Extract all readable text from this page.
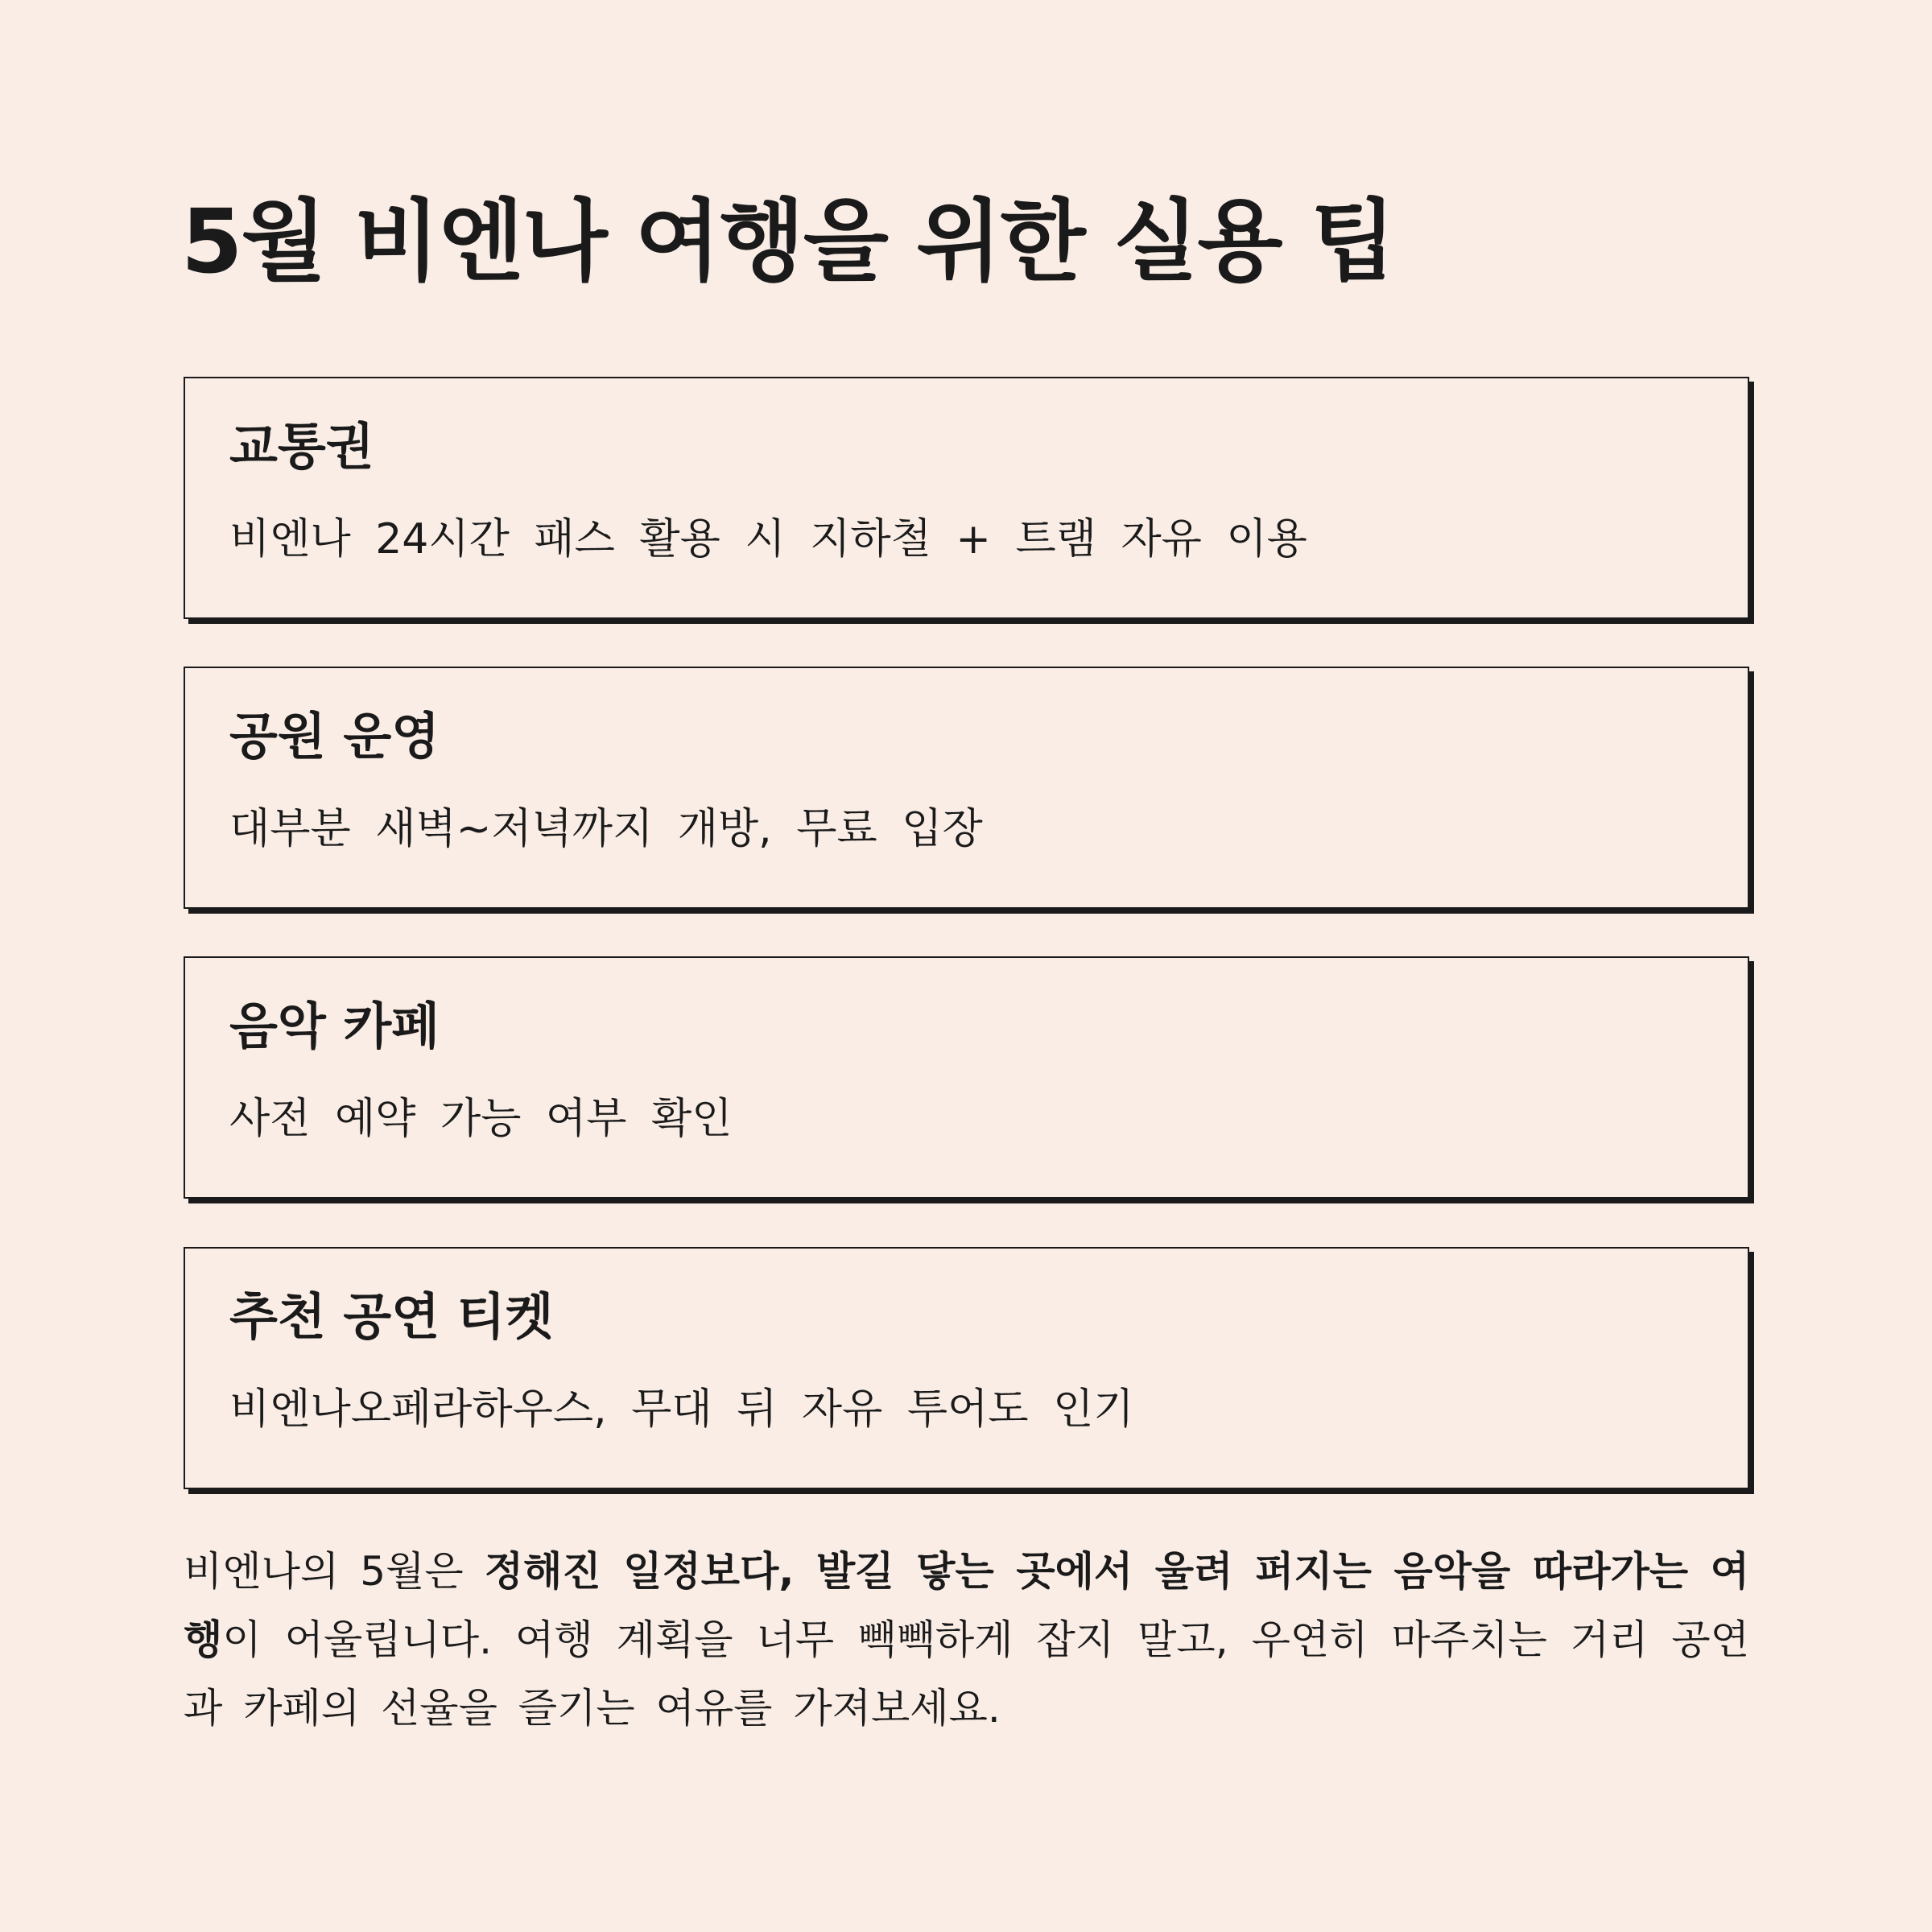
5월 비엔나 여행을 위한 실용 팁
교통권

비엔나 24시간 패스 활용 시 지하철 + 트램 자유 이용

공원 운영

대부분 새벽~저녁까지 개방, 무료 입장

음악 카페

사전 예약 가능 여부 확인

추천 공연 티켓

비엔나오페라하우스, 무대 뒤 자유 투어도 인기

비엔나의 5월은 정해진 일정보다, 발길 닿는 곳에서 울려 퍼지는 음악을 따라가는 여행이 어울립니다. 여행 계획을 너무 빽빽하게 잡지 말고, 우연히 마주치는 거리 공연과 카페의 선율을 즐기는 여유를 가져보세요.
